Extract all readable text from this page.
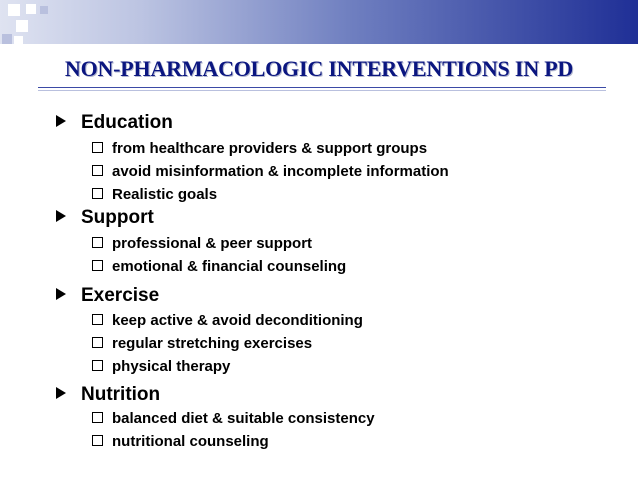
NON-PHARMACOLOGIC INTERVENTIONS IN PD
Education
from healthcare providers & support groups
avoid misinformation & incomplete information
Realistic goals
Support
professional & peer support
emotional & financial counseling
Exercise
keep active & avoid deconditioning
regular stretching exercises
physical therapy
Nutrition
balanced diet & suitable consistency
nutritional counseling
